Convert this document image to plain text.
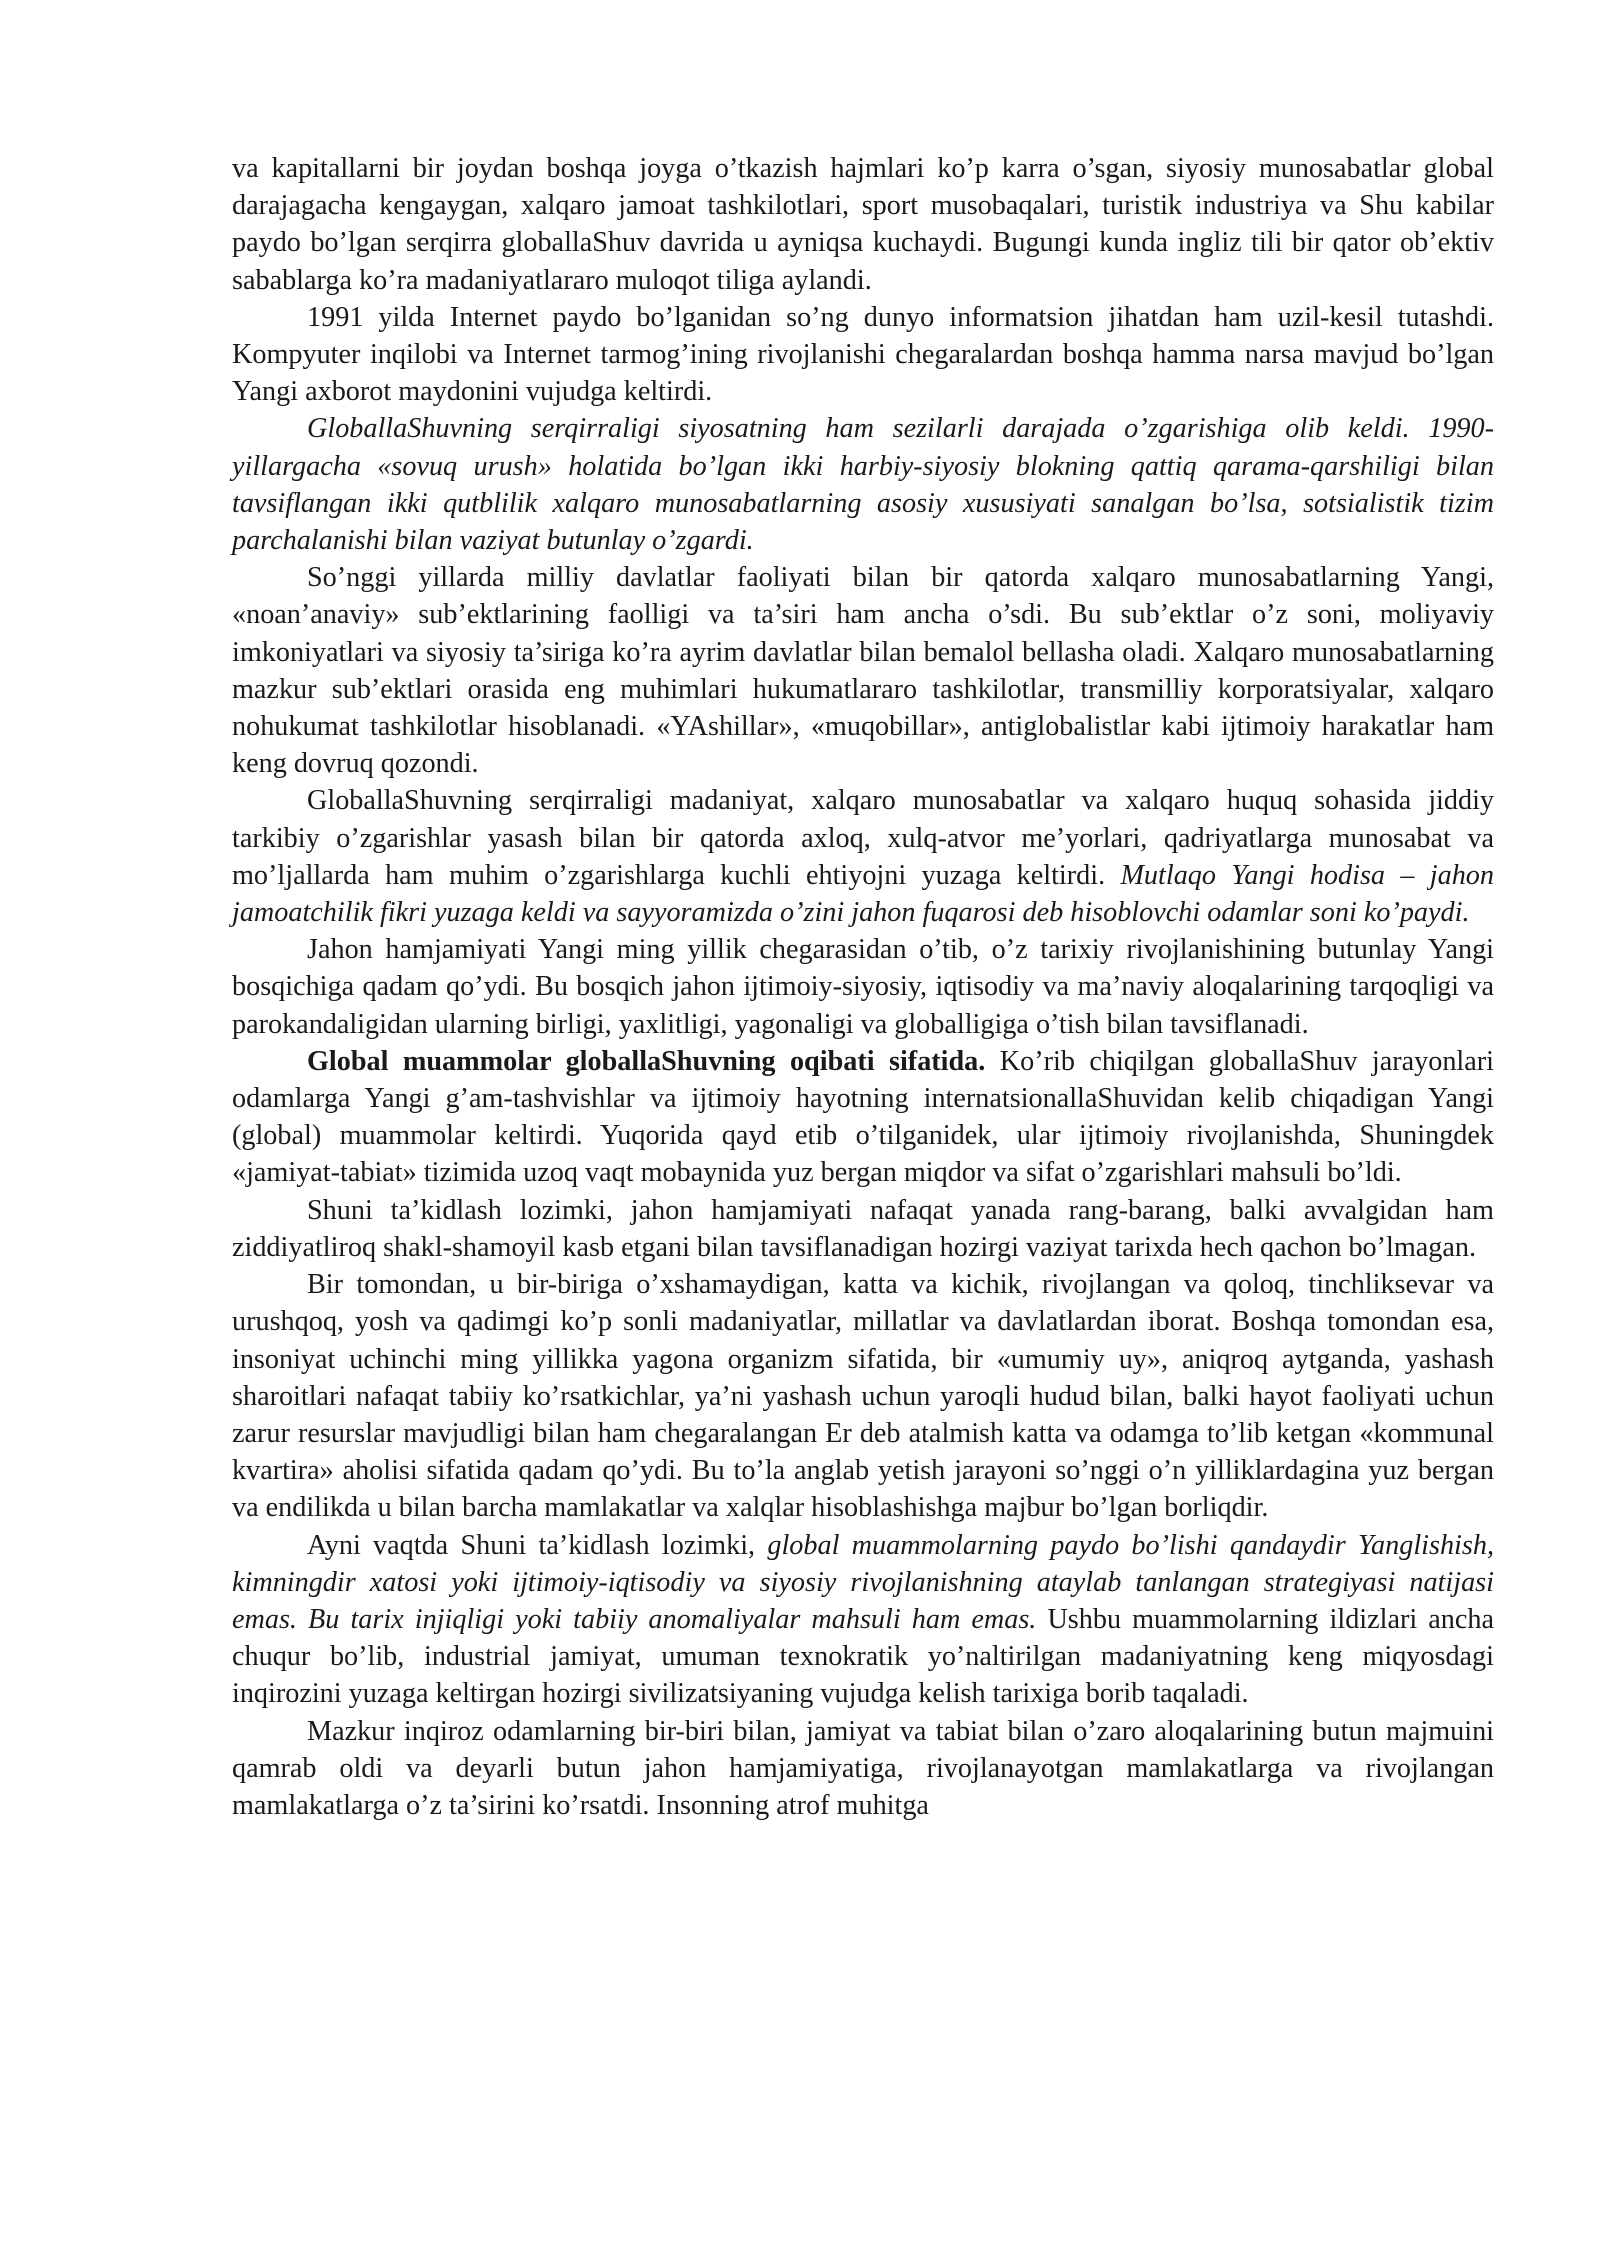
va kapitallarni bir joydan boshqa joyga o’tkazish hajmlari ko’p karra o’sgan, siyosiy munosabatlar global darajagacha kengaygan, xalqaro jamoat tashkilotlari, sport musobaqalari, turistik industriya va Shu kabilar paydo bo’lgan serqirra globallaShuv davrida u ayniqsa kuchaydi. Bugungi kunda ingliz tili bir qator ob’ektiv sabablarga ko’ra madaniyatlararo muloqot tiliga aylandi.

1991 yilda Internet paydo bo’lganidan so’ng dunyo informatsion jihatdan ham uzil-kesil tutashdi. Kompyuter inqilobi va Internet tarmog’ining rivojlanishi chegaralardan boshqa hamma narsa mavjud bo’lgan Yangi axborot maydonini vujudga keltirdi.

GloballaShuvning serqirraligi siyosatning ham sezilarli darajada o’zgarishiga olib keldi. 1990-yillargacha «sovuq urush» holatida bo’lgan ikki harbiy-siyosiy blokning qattiq qarama-qarshiligi bilan tavsiflangan ikki qutblilik xalqaro munosabatlarning asosiy xususiyati sanalgan bo’lsa, sotsialistik tizim parchalanishi bilan vaziyat butunlay o’zgardi.

So’nggi yillarda milliy davlatlar faoliyati bilan bir qatorda xalqaro munosabatlarning Yangi, «noan’anaviy» sub’ektlarining faolligi va ta’siri ham ancha o’sdi. Bu sub’ektlar o’z soni, moliyaviy imkoniyatlari va siyosiy ta’siriga ko’ra ayrim davlatlar bilan bemalol bellasha oladi. Xalqaro munosabatlarning mazkur sub’ektlari orasida eng muhimlari hukumatlararo tashkilotlar, transmilliy korporatsiyalar, xalqaro nohukumat tashkilotlar hisoblanadi. «YAshillar», «muqobillar», antiglobalistlar kabi ijtimoiy harakatlar ham keng dovruq qozondi.

GloballaShuvning serqirraligi madaniyat, xalqaro munosabatlar va xalqaro huquq sohasida jiddiy tarkibiy o’zgarishlar yasash bilan bir qatorda axloq, xulq-atvor me’yorlari, qadriyatlarga munosabat va mo’ljallarda ham muhim o’zgarishlarga kuchli ehtiyojni yuzaga keltirdi. Mutlaqo Yangi hodisa – jahon jamoatchilik fikri yuzaga keldi va sayyoramizda o’zini jahon fuqarosi deb hisoblovchi odamlar soni ko’paydi.

Jahon hamjamiyati Yangi ming yillik chegarasidan o’tib, o’z tarixiy rivojlanishining butunlay Yangi bosqichiga qadam qo’ydi. Bu bosqich jahon ijtimoiy-siyosiy, iqtisodiy va ma’naviy aloqalarining tarqoqligi va parokandaligidan ularning birligi, yaxlitligi, yagonaligi va globalligiga o’tish bilan tavsiflanadi.

Global muammolar globallaShuvning oqibati sifatida. Ko’rib chiqilgan globallaShuv jarayonlari odamlarga Yangi g’am-tashvishlar va ijtimoiy hayotning internatsionallaShuvidan kelib chiqadigan Yangi (global) muammolar keltirdi. Yuqorida qayd etib o’tilganidek, ular ijtimoiy rivojlanishda, Shuningdek «jamiyat-tabiat» tizimida uzoq vaqt mobaynida yuz bergan miqdor va sifat o’zgarishlari mahsuli bo’ldi.

Shuni ta’kidlash lozimki, jahon hamjamiyati nafaqat yanada rang-barang, balki avvalgidan ham ziddiyatliroq shakl-shamoyil kasb etgani bilan tavsiflanadigan hozirgi vaziyat tarixda hech qachon bo’lmagan.

Bir tomondan, u bir-biriga o’xshamaydigan, katta va kichik, rivojlangan va qoloq, tinchliksevar va urushqoq, yosh va qadimgi ko’p sonli madaniyatlar, millatlar va davlatlardan iborat. Boshqa tomondan esa, insoniyat uchinchi ming yillikka yagona organizm sifatida, bir «umumiy uy», aniqroq aytganda, yashash sharoitlari nafaqat tabiiy ko’rsatkichlar, ya’ni yashash uchun yaroqli hudud bilan, balki hayot faoliyati uchun zarur resurslar mavjudligi bilan ham chegaralangan Er deb atalmish katta va odamga to’lib ketgan «kommunal kvartira» aholisi sifatida qadam qo’ydi. Bu to’la anglab yetish jarayoni so’nggi o’n yilliklardagina yuz bergan va endilikda u bilan barcha mamlakatlar va xalqlar hisoblashishga majbur bo’lgan borliqdir.

Ayni vaqtda Shuni ta’kidlash lozimki, global muammolarning paydo bo’lishi qandaydir Yanglishish, kimningdir xatosi yoki ijtimoiy-iqtisodiy va siyosiy rivojlanishning ataylab tanlangan strategiyasi natijasi emas. Bu tarix injiqligi yoki tabiiy anomaliyalar mahsuli ham emas. Ushbu muammolarning ildizlari ancha chuqur bo’lib, industrial jamiyat, umuman texnokratik yo’naltirilgan madaniyatning keng miqyosdagi inqirozini yuzaga keltirgan hozirgi sivilizatsiyaning vujudga kelish tarixiga borib taqaladi.

Mazkur inqiroz odamlarning bir-biri bilan, jamiyat va tabiat bilan o’zaro aloqalarining butun majmuini qamrab oldi va deyarli butun jahon hamjamiyatiga, rivojlanayotgan mamlakatlarga va rivojlangan mamlakatlarga o’z ta’sirini ko’rsatdi. Insonning atrof muhitga
